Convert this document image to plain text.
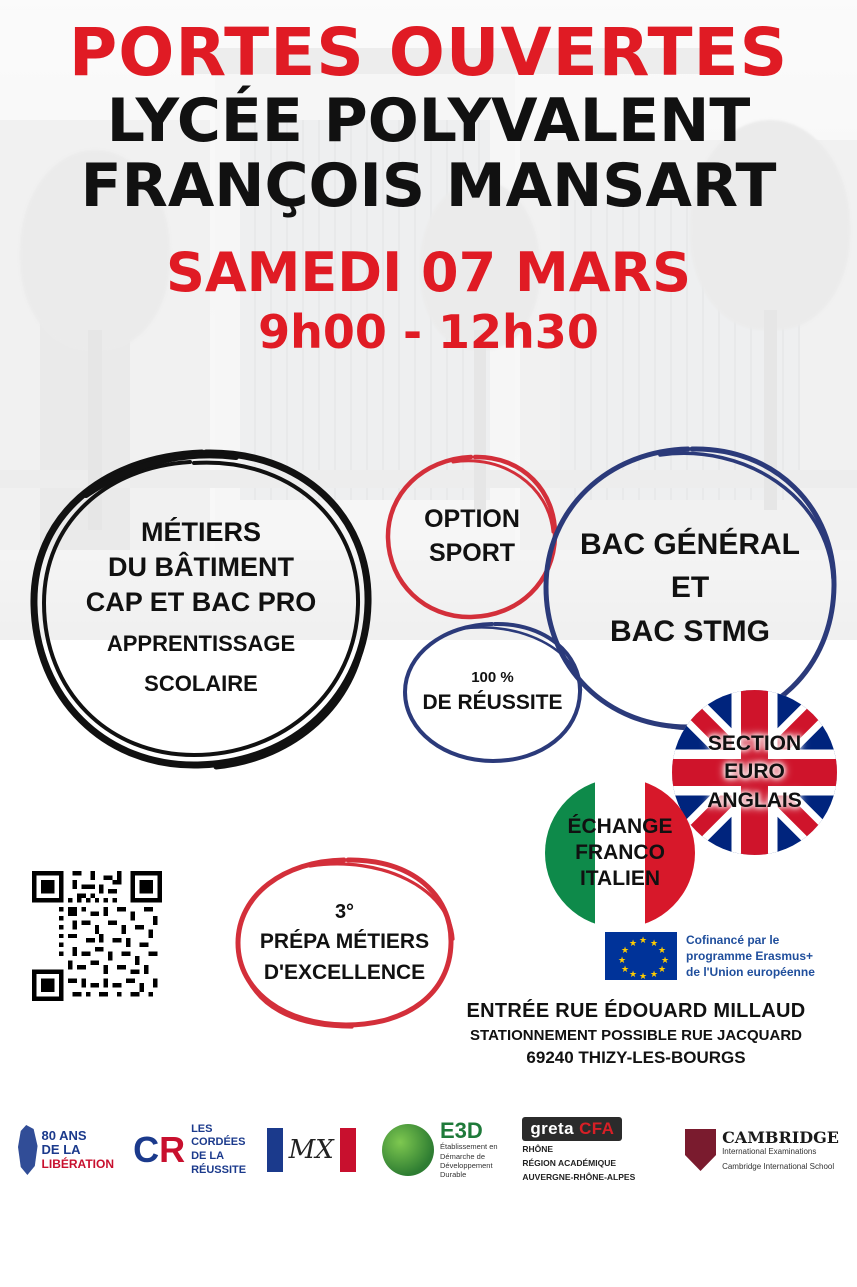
PORTES OUVERTES
LYCÉE POLYVALENT
FRANÇOIS MANSART
SAMEDI 07 MARS
9h00 - 12h30
MÉTIERS
DU BÂTIMENT
CAP ET BAC PRO
APPRENTISSAGE
SCOLAIRE
OPTION
SPORT BAC GÉNÉRAL
ET
BAC STMG
100 %
DE RÉUSSITE
3°
PRÉPA MÉTIERS
D'EXCELLENCE
SECTION
EURO
ANGLAIS
ÉCHANGE
FRANCO
ITALIEN
★ ★
★
★
★
★
★
★
★
★
★
★	Cofinancé par le
programme Erasmus+
de l'Union européenne
ENTRÉE RUE ÉDOUARD MILLAUD
STATIONNEMENT POSSIBLE RUE JACQUARD
69240 THIZY-LES-BOURGS
80 ANS
DE LA
LIBÉRATION CR
LES
CORDÉES
DE LA
RÉUSSITE
MX
E3D
Établissement en
Démarche de
Développement
Durable
greta CFA
RHÔNE
RÉGION ACADÉMIQUE
AUVERGNE-RHÔNE-ALPES
CAMBRIDGE
International Examinations
Cambridge International School
